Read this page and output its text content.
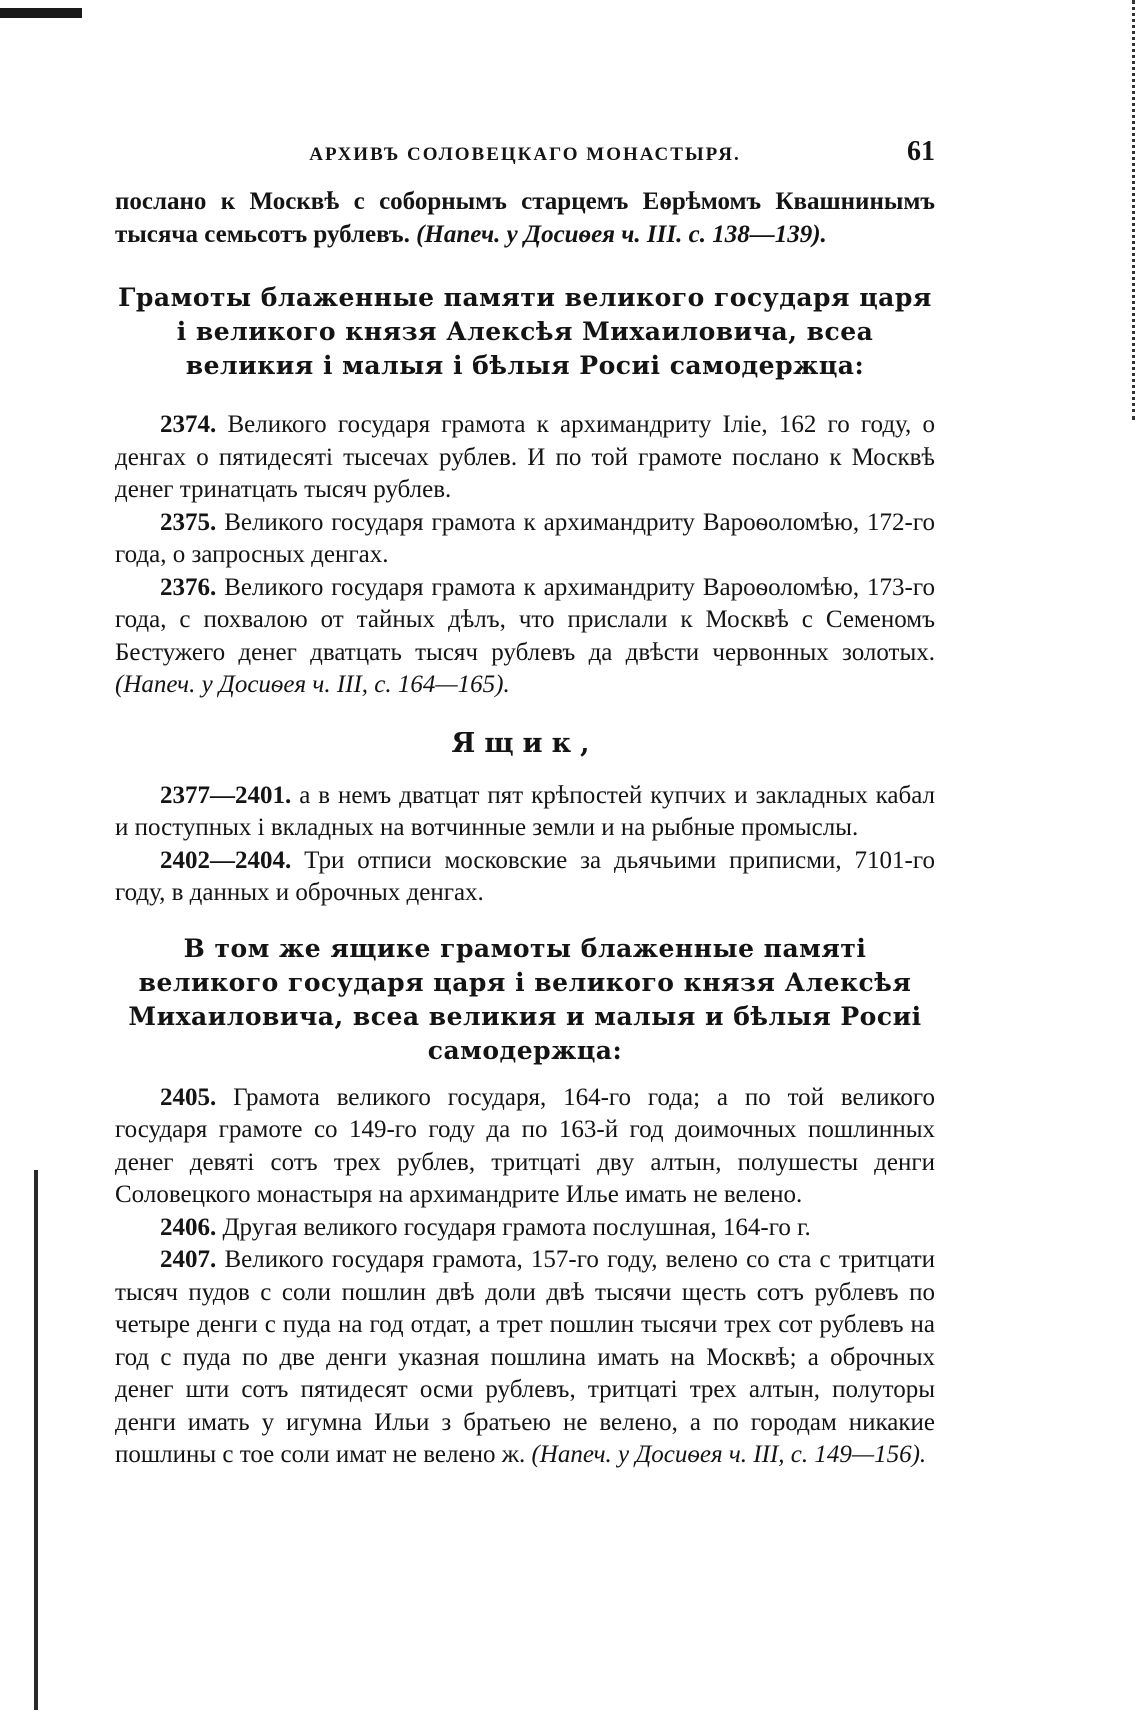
АРХИВЪ СОЛОВЕЦКАГО МОНАСТЫРЯ.	61

послано к Москвѣ с соборнымъ старцемъ Еѳрѣмомъ Квашнинымъ тысяча семьсотъ рублевъ. (Напеч. у Досиѳея ч. III. с. 138—139).

Грамоты блаженные памяти великого государя царя і великого князя Алексѣя Михаиловича, всеа великия і малыя і бѣлыя Росиі самодержца:

2374. Великого государя грамота к архимандриту Іліе, 162 го году, о денгах о пятидесяті тысечах рублев. И по той грамоте послано к Москвѣ денег тринатцать тысяч рублев.

2375. Великого государя грамота к архимандриту Вароѳоломѣю, 172-го года, о запросных денгах.

2376. Великого государя грамота к архимандриту Вароѳоломѣю, 173-го года, с похвалою от тайных дѣлъ, что прислали к Москвѣ с Семеномъ Бестужего денег дватцать тысяч рублевъ да двѣсти червонных золотых. (Напеч. у Досиѳея ч. III, с. 164—165).

Ящик,

2377—2401. а в немъ дватцат пят крѣпостей купчих и закладных кабал и поступных і вкладных на вотчинные земли и на рыбные промыслы.

2402—2404. Три отписи московские за дьячьими приписми, 7101-го году, в данных и оброчных денгах.

В том же ящике грамоты блаженные памяті великого государя царя і великого князя Алексѣя Михаиловича, всеа великия и малыя и бѣлыя Росиі самодержца:

2405. Грамота великого государя, 164-го года; а по той великого государя грамоте со 149-го году да по 163-й год доимочных пошлинных денег девяті сотъ трех рублев, тритцаті двy алтын, полушесты денги Соловецкого монастыря на архимандрите Илье имать не велено.

2406. Другая великого государя грамота послушная, 164-го г.

2407. Великого государя грамота, 157-го году, велено со ста с тритцати тысяч пудов с соли пошлин двѣ доли двѣ тысячи щесть сотъ рублевъ по четыре денги с пуда на год отдат, а трет пошлин тысячи трех сот рублевъ на год с пуда по две денги указная пошлина имать на Москвѣ; а оброчных денег шти сотъ пятидесят осми рублевъ, тритцаті трех алтын, полуторы денги имать у игумна Ильи з братьею не велено, а по городам никакие пошлины с тое соли имат не велено ж. (Напеч. у Досиѳея ч. III, с. 149—156).
